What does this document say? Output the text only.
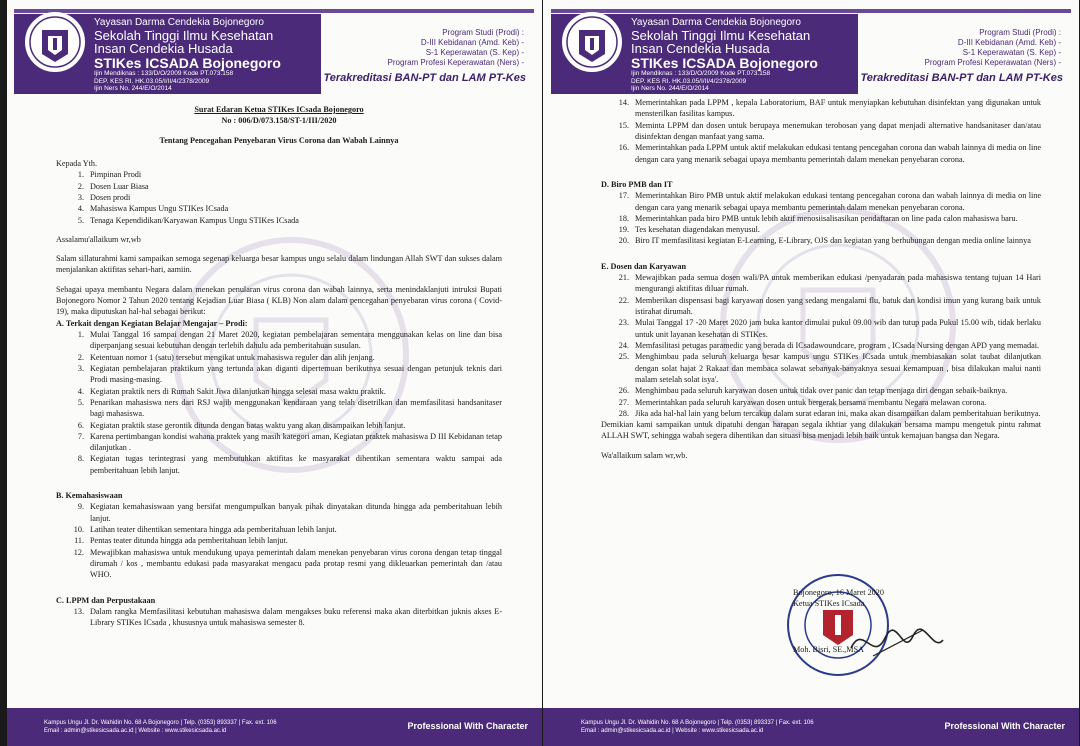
Yayasan Darma Cendekia Bojonegoro
Sekolah Tinggi Ilmu Kesehatan
Insan Cendekia Husada
STIKes ICSADA Bojonegoro
Ijin Mendiknas : 133/D/O/2009 Kode PT.073.158
DEP. KES RI. HK.03.05/I/II/4/2378/2009
Ijin Ners No. 244/E/O/2014
Program Studi (Prodi) :
D-III Kebidanan (Amd. Keb) -
S-1 Keperawatan (S. Kep) -
Program Profesi Keperawatan (Ners) -
Terakreditasi BAN-PT dan LAM PT-Kes
Surat Edaran Ketua STIKes ICsada Bojonegoro
No : 006/D/073.158/ST-1/III/2020
Tentang Pencegahan Penyebaran Virus Corona dan Wabah Lainnya
Kepada Yth.
1. Pimpinan Prodi
2. Dosen Luar Biasa
3. Dosen prodi
4. Mahasiswa Kampus Ungu STIKes ICsada
5. Tenaga Kependidikan/Karyawan Kampus Ungu STIKes ICsada
Assalamu'allaikum wr,wb
Salam sillaturahmi kami sampaikan semoga segenap keluarga besar kampus ungu selalu dalam lindungan Allah SWT dan sukses dalam menjalankan aktifitas sehari-hari, aamiin.
Sebagai upaya membantu Negara dalam menekan penularan virus corona dan wabah lainnya, serta menindaklanjuti intruksi Bupati Bojonegoro Nomor 2 Tahun 2020 tentang Kejadian Luar Biasa ( KLB) Non alam dalam pencegahan penyebaran virus corona ( Covid-19), maka diputuskan hal-hal sebagai berikut:
A. Terkait dengan Kegiatan Belajar Mengajar – Prodi:
1. Mulai Tanggal 16 sampai dengan 21 Maret 2020, kegiatan pembelajaran sementara menggunakan kelas on line dan bisa diperpanjang sesuai kebutuhan dengan terlebih dahulu ada pemberitahuan susulan.
2. Ketentuan nomor 1 (satu) tersebut mengikat untuk mahasiswa reguler dan alih jenjang.
3. Kegiatan pembelajaran praktikum yang tertunda akan diganti dipertemuan berikutnya sesuai dengan petunjuk teknis dari Prodi masing-masing.
4. Kegiatan praktik ners di Rumah Sakit Jiwa dilanjutkan hingga selesai masa waktu praktik.
5. Penarikan mahasiswa ners dari RSJ wajib menggunakan kendaraan yang telah disetrilkan dan memfasilitasi handsanitaser bagi mahasiswa.
6. Kegiatan praktik stase gerontik ditunda dengan batas waktu yang akan disampaikan lebih lanjut.
7. Karena pertimbangan kondisi wahana praktek yang masih kategori aman, Kegiatan praktek mahasiswa D III Kebidanan tetap dilanjutkan .
8. Kegiatan tugas terintegrasi yang membutuhkan aktifitas ke masyarakat dihentikan sementara waktu sampai ada pemberitahuan lebih lanjut.
B. Kemahasiswaan
9. Kegiatan kemahasiswaan yang bersifat mengumpulkan banyak pihak dinyatakan ditunda hingga ada pemberitahuan lebih lanjut.
10. Latihan teater dihentikan sementara hingga ada pemberitahuan lebih lanjut.
11. Pentas teater ditunda hingga ada pemberitahuan lebih lanjut.
12. Mewajibkan mahasiswa untuk mendukung upaya pemerintah dalam menekan penyebaran virus corona dengan tetap tinggal dirumah / kos , membantu edukasi pada masyarakat mengacu pada protap resmi yang dikleuarkan pemerintah dan /atau WHO.
C. LPPM dan Perpustakaan
13. Dalam rangka Memfasilitasi kebutuhan mahasiswa dalam mengakses buku referensi maka akan diterbitkan juknis akses E-Library STIKes ICsada , khususnya untuk mahasiswa semester 8.
Kampus Ungu Jl. Dr. Wahidin No. 68 A Bojonegoro | Telp. (0353) 893337 | Fax. ext. 106
Email : admin@stikesicsada.ac.id | Website : www.stikesicsada.ac.id
Professional With Character
Yayasan Darma Cendekia Bojonegoro
Sekolah Tinggi Ilmu Kesehatan
Insan Cendekia Husada
STIKes ICSADA Bojonegoro
Ijin Mendiknas : 133/D/O/2009 Kode PT.073.158
DEP. KES RI. HK.03.05/I/II/4/2378/2009
Ijin Ners No. 244/E/O/2014
Program Studi (Prodi) :
D-III Kebidanan (Amd. Keb) -
S-1 Keperawatan (S. Kep) -
Program Profesi Keperawatan (Ners) -
Terakreditasi BAN-PT dan LAM PT-Kes
14. Memerintahkan pada LPPM , kepala Laboratorium, BAF untuk menyiapkan kebutuhan disinfektan yang digunakan untuk mensterilkan fasilitas kampus.
15. Meminta LPPM dan dosen untuk berupaya menemukan terobosan yang dapat menjadi alternative handsanitaser dan/atau disinfektan dengan manfaat yang sama.
16. Memerintahkan pada LPPM untuk aktif melakukan edukasi tentang pencegahan corona dan wabah lainnya di media on line dengan cara yang menarik sebagai upaya membantu pemerintah dalam menekan penyebaran corona.
D. Biro PMB dan IT
17. Memerintahkan Biro PMB untuk aktif melakukan edukasi tentang pencegahan corona dan wabah lainnya di media on line dengan cara yang menarik sebagai upaya membantu pemerintah dalam menekan penyebaran corona.
18. Memerintahkan pada biro PMB untuk lebih aktif menosiisalisasikan pendaftaran on line pada calon mahasiswa baru.
19. Tes kesehatan diagendakan menyusul.
20. Biro IT memfasilitasi kegiatan E-Learning, E-Library, OJS dan kegiatan yang berhubungan dengan media online lainnya
E. Dosen dan Karyawan
21. Mewajibkan pada semua dosen wali/PA untuk memberikan edukasi /penyadaran pada mahasiswa tentang tujuan 14 Hari mengurangi aktifitas diluar rumah.
22. Memberikan dispensasi bagi karyawan dosen yang sedang mengalami flu, batuk dan kondisi imun yang kurang baik untuk istirahat dirumah.
23. Mulai Tanggal 17 -20 Maret 2020 jam buka kantor dimulai pukul 09.00 wib dan tutup pada Pukul 15.00 wib, tidak berlaku untuk unit layanan kesehatan di STIKes.
24. Memfasilitasi petugas paramedic yang berada di ICsadawoundcare, program , ICsada Nursing dengan APD yang memadai.
25. Menghimbau pada seluruh keluarga besar kampus ungu STIKes ICsada untuk membiasakan solat taubat dilanjutkan dengan solat hajat 2 Rakaat dan membaca solawat sebanyak-banyaknya sesuai kemampuan , bisa dilakukan malui nanti malam setelah solat isya'.
26. Menghimbau pada seluruh karyawan dosen untuk tidak over panic dan tetap menjaga diri dengan sebaik-baiknya.
27. Memerintahkan pada seluruh karyawan dosen untuk bergerak bersama membantu Negara melawan corona.
28. Jika ada hal-hal lain yang belum tercakup dalam surat edaran ini, maka akan disampaikan dalam pemberitahuan berikutnya.
Demikian kami sampaikan untuk dipatuhi dengan harapan segala ikhtiar yang dilakukan bersama mampu mengetuk pintu rahmat ALLAH SWT, sehingga wabah segera dihentikan dan situasi bisa menjadi lebih baik untuk kemajuan bangsa dan Negara.
Wa'allaikum salam wr,wb.
Bojonegoro, 16 Maret 2020
Ketua STIKes ICsada
Moh. Bisri, SE.,MSA
Kampus Ungu Jl. Dr. Wahidin No. 68 A Bojonegoro | Telp. (0353) 893337 | Fax. ext. 106
Email : admin@stikesicsada.ac.id | Website : www.stikesicsada.ac.id
Professional With Character
